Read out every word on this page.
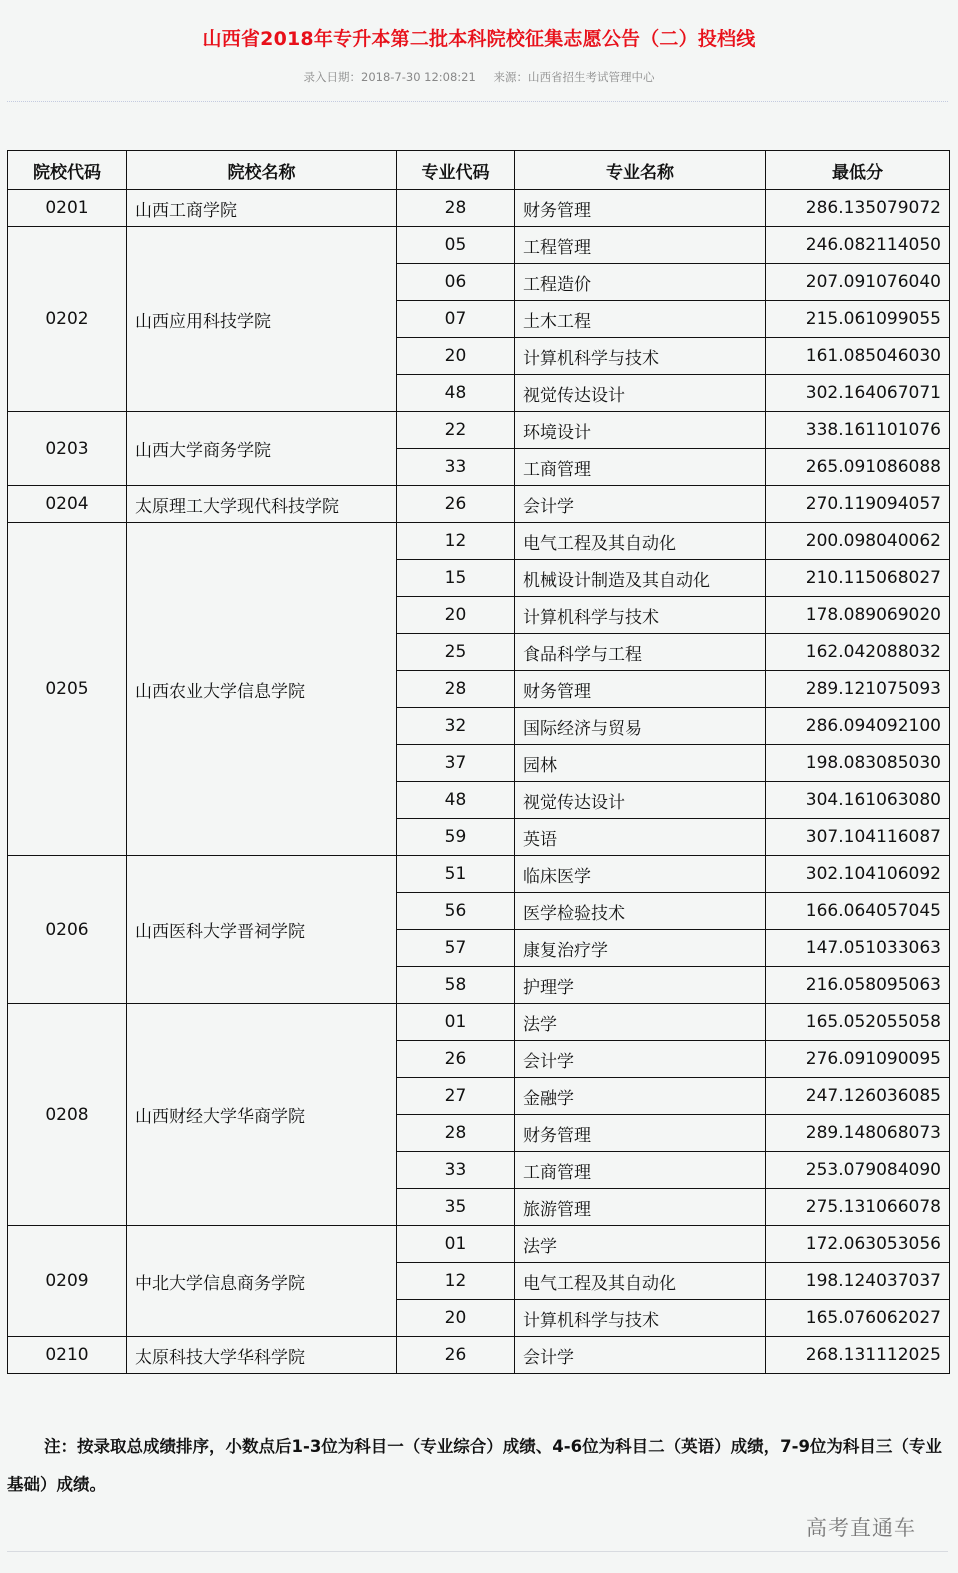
山西省2018年专升本第二批本科院校征集志愿公告（二）投档线
录入日期：2018-7-30 12:08:21 来源：山西省招生考试管理中心
院校代码	院校名称	专业代码	专业名称	最低分
0201	山西工商学院	28	财务管理	286.135079072
0202	山西应用科技学院	05	工程管理	246.082114050
		06	工程造价	207.091076040
		07	土木工程	215.061099055
		20	计算机科学与技术	161.085046030
		48	视觉传达设计	302.164067071
0203	山西大学商务学院	22	环境设计	338.161101076
		33	工商管理	265.091086088
0204	太原理工大学现代科技学院	26	会计学	270.119094057
0205	山西农业大学信息学院	12	电气工程及其自动化	200.098040062
		15	机械设计制造及其自动化	210.115068027
		20	计算机科学与技术	178.089069020
		25	食品科学与工程	162.042088032
		28	财务管理	289.121075093
		32	国际经济与贸易	286.094092100
		37	园林	198.083085030
		48	视觉传达设计	304.161063080
		59	英语	307.104116087
0206	山西医科大学晋祠学院	51	临床医学	302.104106092
		56	医学检验技术	166.064057045
		57	康复治疗学	147.051033063
		58	护理学	216.058095063
0208	山西财经大学华商学院	01	法学	165.052055058
		26	会计学	276.091090095
		27	金融学	247.126036085
		28	财务管理	289.148068073
		33	工商管理	253.079084090
		35	旅游管理	275.131066078
0209	中北大学信息商务学院	01	法学	172.063053056
		12	电气工程及其自动化	198.124037037
		20	计算机科学与技术	165.076062027
0210	太原科技大学华科学院	26	会计学	268.131112025
注：按录取总成绩排序，小数点后1-3位为科目一（专业综合）成绩、4-6位为科目二（英语）成绩，7-9位为科目三（专业基础）成绩。
高考直通车
